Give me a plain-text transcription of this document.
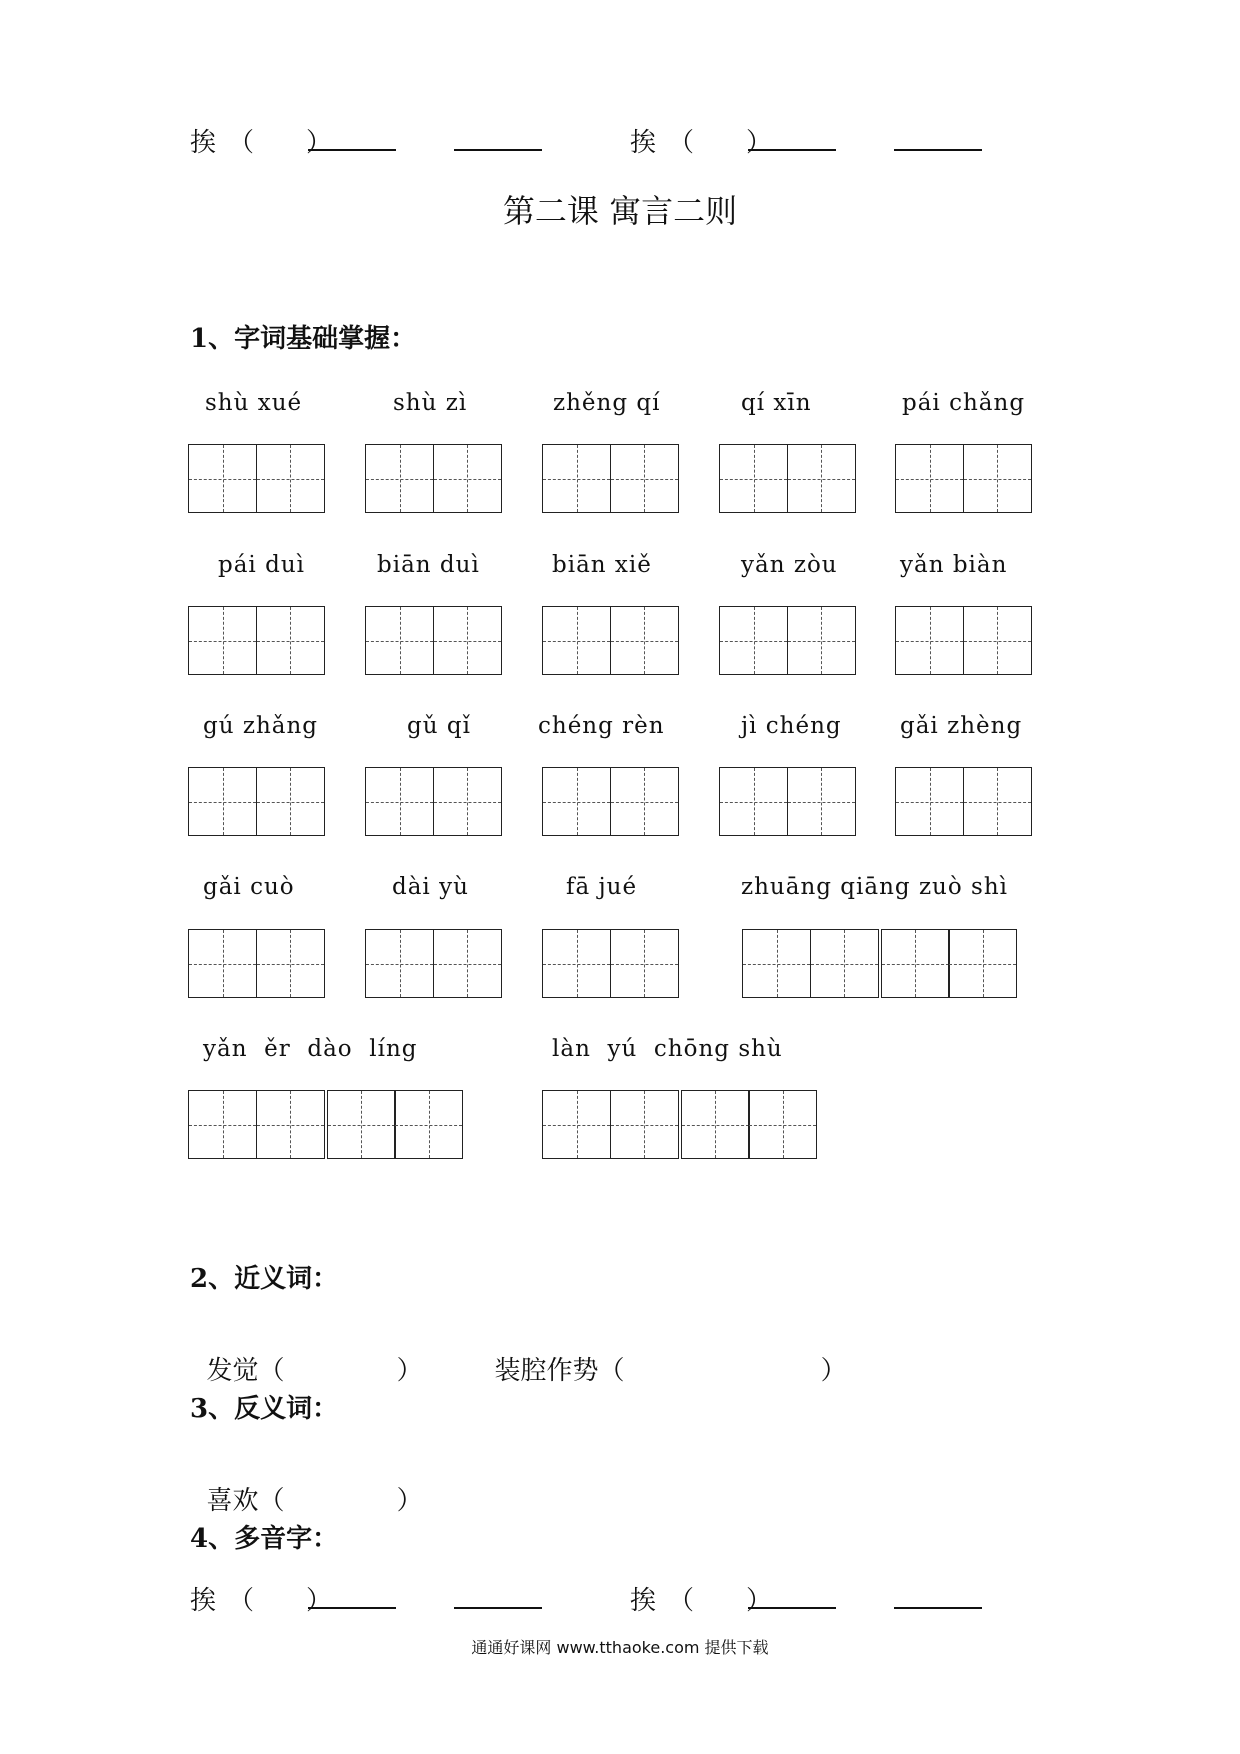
挨 （　　）	挨 （　　）
第二课 寓言二则
1、字词基础掌握：
shù xué	shù zì	zhěng qí	qí xīn	pái chǎng
pái duì	biān duì	biān xiě	yǎn zòu	yǎn biàn
gú zhǎng	gǔ qǐ	chéng rèn	jì chéng	gǎi zhèng
gǎi cuò	dài yù	fā jué	zhuāng qiāng zuò shì
yǎn  ěr  dào  líng	làn  yú  chōng shù
2、近义词：

发觉（	）	装腔作势（	）

3、反义词：

喜欢（	）

4、多音字：
挨 （　　）	挨 （　　）
通通好课网 www.tthaoke.com 提供下载
